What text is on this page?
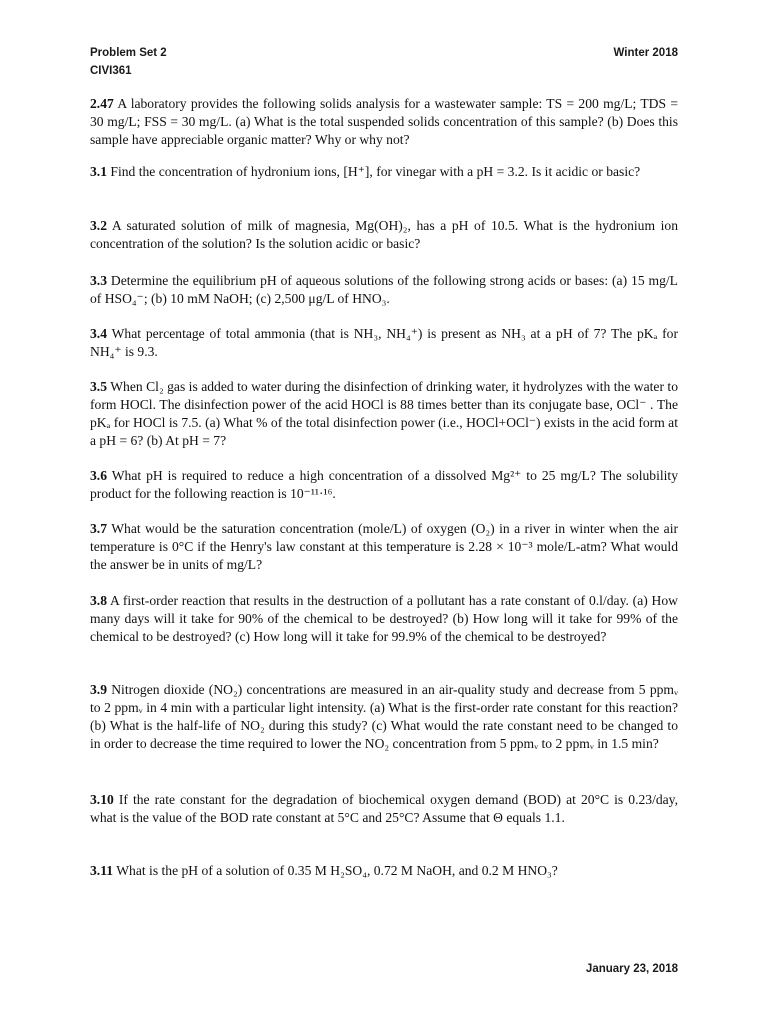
Problem Set 2
CIVI361
Winter 2018

2.47 A laboratory provides the following solids analysis for a wastewater sample: TS = 200 mg/L; TDS = 30 mg/L; FSS = 30 mg/L. (a) What is the total suspended solids concentration of this sample? (b) Does this sample have appreciable organic matter? Why or why not?

3.1 Find the concentration of hydronium ions, [H⁺], for vinegar with a pH = 3.2. Is it acidic or basic?

3.2 A saturated solution of milk of magnesia, Mg(OH)₂, has a pH of 10.5. What is the hydronium ion concentration of the solution? Is the solution acidic or basic?

3.3 Determine the equilibrium pH of aqueous solutions of the following strong acids or bases: (a) 15 mg/L of HSO₄⁻; (b) 10 mM NaOH; (c) 2,500 μg/L of HNO₃.

3.4 What percentage of total ammonia (that is NH₃, NH₄⁺) is present as NH₃ at a pH of 7? The pKₐ for NH₄⁺ is 9.3.

3.5 When Cl₂ gas is added to water during the disinfection of drinking water, it hydrolyzes with the water to form HOCl. The disinfection power of the acid HOCl is 88 times better than its conjugate base, OCl⁻ . The pKₐ for HOCl is 7.5. (a) What % of the total disinfection power (i.e., HOCl+OCl⁻) exists in the acid form at a pH = 6? (b) At pH = 7?

3.6 What pH is required to reduce a high concentration of a dissolved Mg²⁺ to 25 mg/L? The solubility product for the following reaction is 10⁻¹¹·¹⁶.

3.7 What would be the saturation concentration (mole/L) of oxygen (O₂) in a river in winter when the air temperature is 0°C if the Henry's law constant at this temperature is 2.28 × 10⁻³ mole/L-atm? What would the answer be in units of mg/L?

3.8 A first-order reaction that results in the destruction of a pollutant has a rate constant of 0.l/day. (a) How many days will it take for 90% of the chemical to be destroyed? (b) How long will it take for 99% of the chemical to be destroyed? (c) How long will it take for 99.9% of the chemical to be destroyed?

3.9 Nitrogen dioxide (NO₂) concentrations are measured in an air-quality study and decrease from 5 ppmᵥ to 2 ppmᵥ in 4 min with a particular light intensity. (a) What is the first-order rate constant for this reaction? (b) What is the half-life of NO₂ during this study? (c) What would the rate constant need to be changed to in order to decrease the time required to lower the NO₂ concentration from 5 ppmᵥ to 2 ppmᵥ in 1.5 min?

3.10 If the rate constant for the degradation of biochemical oxygen demand (BOD) at 20°C is 0.23/day, what is the value of the BOD rate constant at 5°C and 25°C? Assume that Θ equals 1.1.

3.11 What is the pH of a solution of 0.35 M H₂SO₄, 0.72 M NaOH, and 0.2 M HNO₃?

January 23, 2018
